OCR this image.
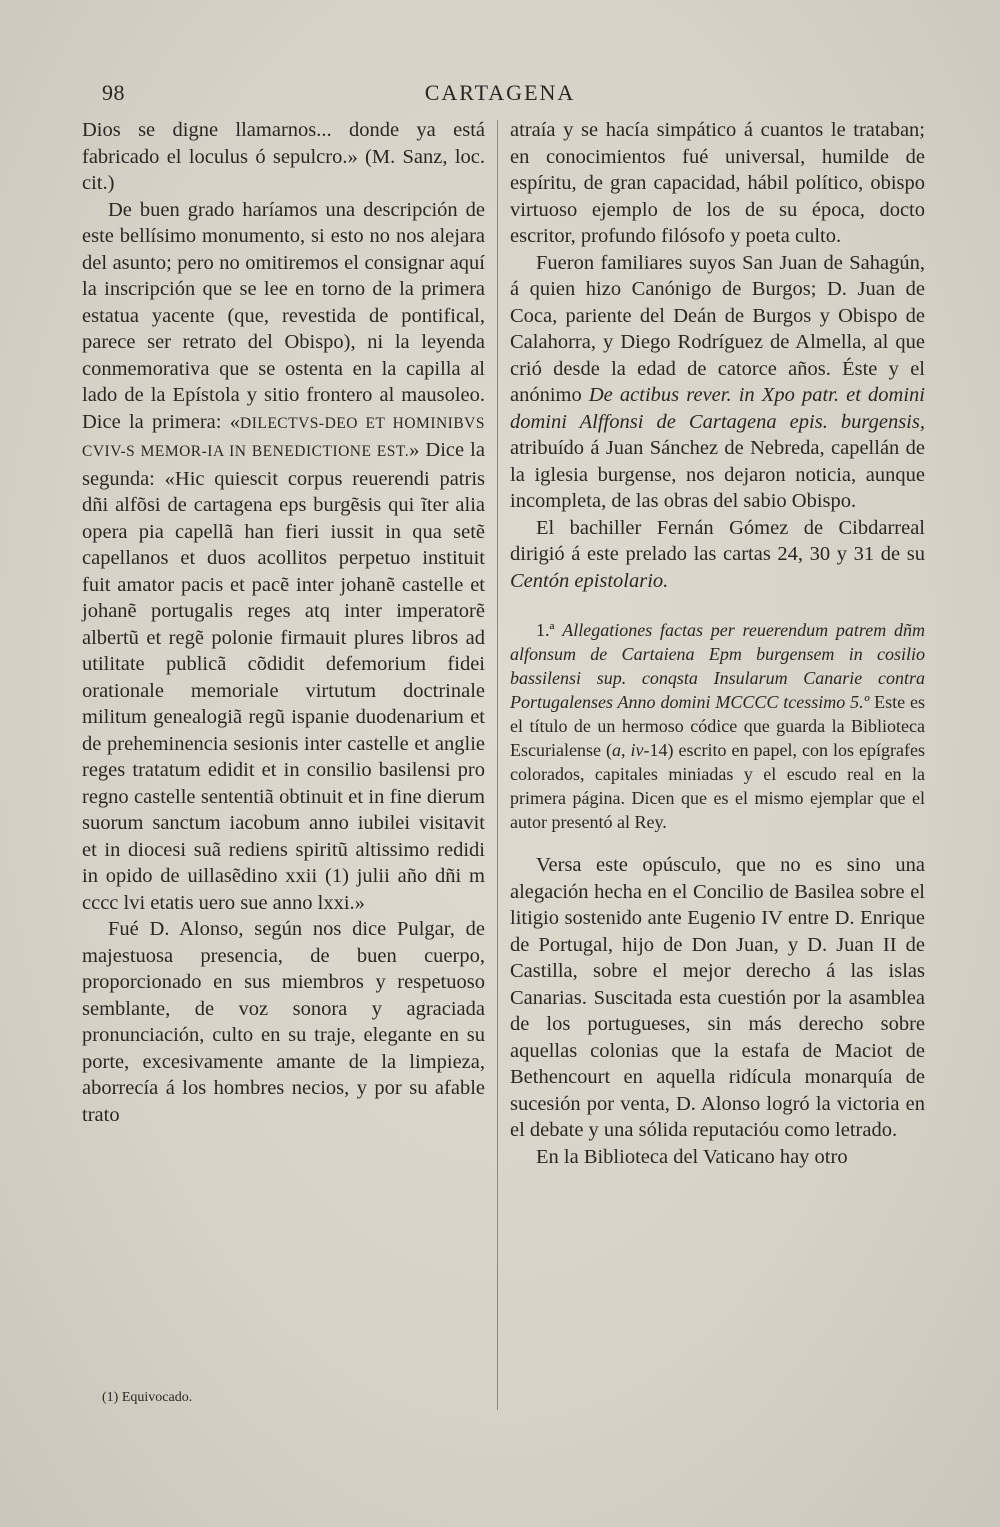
98	CARTAGENA

Dios se digne llamarnos... donde ya está fabricado el loculus ó sepulcro.» (M. Sanz, loc. cit.)

De buen grado haríamos una descripción de este bellísimo monumento, si esto no nos alejara del asunto; pero no omitiremos el consignar aquí la inscripción que se lee en torno de la primera estatua yacente (que, revestida de pontifical, parece ser retrato del Obispo), ni la leyenda conmemorativa que se ostenta en la capilla al lado de la Epístola y sitio frontero al mausoleo. Dice la primera: «DILECTVS-DEO ET HOMINIBVS CVIV-S MEMOR-IA IN BENEDICTIONE EST.» Dice la segunda: «Hic quiescit corpus reuerendi patris dñi alfõsi de cartagena eps burgẽsis qui ĩter alia opera pia capellã han fieri iussit in qua setẽ capellanos et duos acollitos perpetuo instituit fuit amator pacis et pacẽ inter johanẽ castelle et johanẽ portugalis reges atq inter imperatorẽ albertũ et regẽ polonie firmauit plures libros ad utilitate publicã cõdidit defemorium fidei orationale memoriale virtutum doctrinale militum genealogiã regũ ispanie duodenarium et de preheminencia sesionis inter castelle et anglie reges tratatum edidit et in consilio basilensi pro regno castelle sententiã obtinuit et in fine dierum suorum sanctum iacobum anno iubilei visitavit et in diocesi suã rediens spiritũ altissimo redidi in opido de uillasẽdino xxii (1) julii año dñi m cccc lvi etatis uero sue anno lxxi.»

Fué D. Alonso, según nos dice Pulgar, de majestuosa presencia, de buen cuerpo, proporcionado en sus miembros y respetuoso semblante, de voz sonora y agraciada pronunciación, culto en su traje, elegante en su porte, excesivamente amante de la limpieza, aborrecía á los hombres necios, y por su afable trato

atraía y se hacía simpático á cuantos le trataban; en conocimientos fué universal, humilde de espíritu, de gran capacidad, hábil político, obispo virtuoso ejemplo de los de su época, docto escritor, profundo filósofo y poeta culto.

Fueron familiares suyos San Juan de Sahagún, á quien hizo Canónigo de Burgos; D. Juan de Coca, pariente del Deán de Burgos y Obispo de Calahorra, y Diego Rodríguez de Almella, al que crió desde la edad de catorce años. Éste y el anónimo De actibus rever. in Xpo patr. et domini domini Alffonsi de Cartagena epis. burgensis, atribuído á Juan Sánchez de Nebreda, capellán de la iglesia burgense, nos dejaron noticia, aunque incompleta, de las obras del sabio Obispo.

El bachiller Fernán Gómez de Cibdarreal dirigió á este prelado las cartas 24, 30 y 31 de su Centón epistolario.

1.ª Allegationes factas per reuerendum patrem dñm alfonsum de Cartaiena Epm burgensem in cosilio bassilensi sup. conqsta Insularum Canarie contra Portugalenses Anno domini MCCCC tcessimo 5.º Este es el título de un hermoso códice que guarda la Biblioteca Escurialense (a, iv-14) escrito en papel, con los epígrafes colorados, capitales miniadas y el escudo real en la primera página. Dicen que es el mismo ejemplar que el autor presentó al Rey.

Versa este opúsculo, que no es sino una alegación hecha en el Concilio de Basilea sobre el litigio sostenido ante Eugenio IV entre D. Enrique de Portugal, hijo de Don Juan, y D. Juan II de Castilla, sobre el mejor derecho á las islas Canarias. Suscitada esta cuestión por la asamblea de los portugueses, sin más derecho sobre aquellas colonias que la estafa de Maciot de Bethencourt en aquella ridícula monarquía de sucesión por venta, D. Alonso logró la victoria en el debate y una sólida reputacióu como letrado.

En la Biblioteca del Vaticano hay otro

(1) Equivocado.
